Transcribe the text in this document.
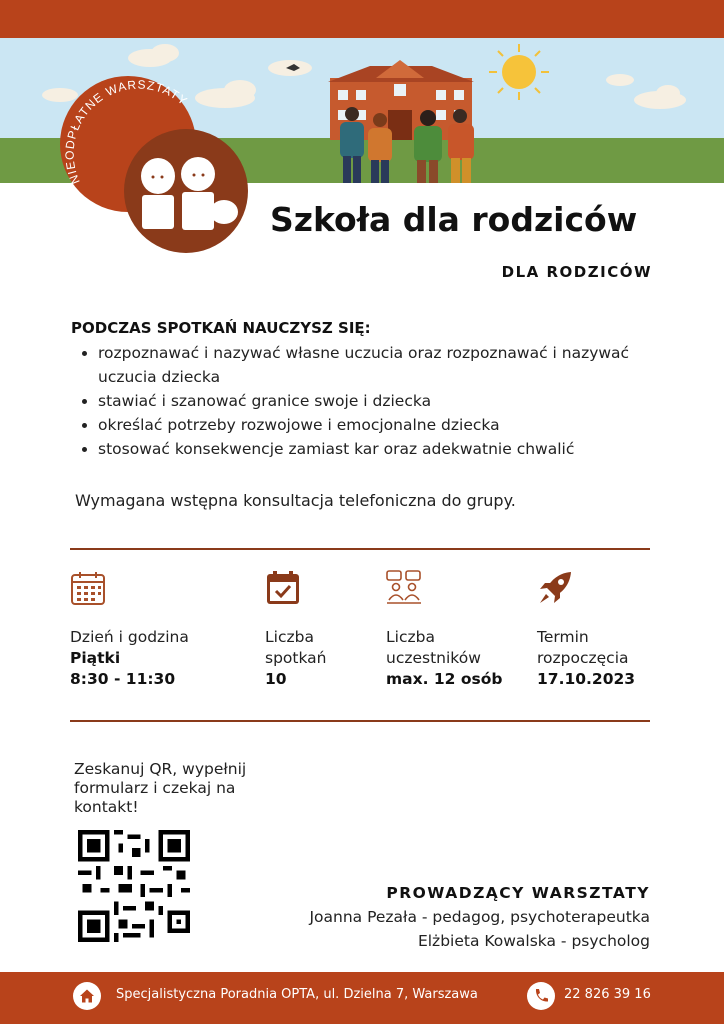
NIEODPŁATNE WARSZTATY
Szkoła dla rodziców
DLA RODZICÓW
PODCZAS SPOTKAŃ NAUCZYSZ SIĘ:
• rozpoznawać i nazywać własne uczucia oraz rozpoznawać i nazywać uczucia dziecka
• stawiać i szanować granice swoje i dziecka
• określać potrzeby rozwojowe i emocjonalne dziecka
• stosować konsekwencje zamiast kar oraz adekwatnie chwalić
Wymagana wstępna konsultacja telefoniczna do grupy.
Dzień i godzina
Piątki
8:30 - 11:30
Liczba
spotkań
10
Liczba
uczestników
max. 12 osób
Termin
rozpoczęcia
17.10.2023
Zeskanuj QR, wypełnij formularz i czekaj na kontakt!
PROWADZĄCY WARSZTATY
Joanna Pezała - pedagog, psychoterapeutka
Elżbieta Kowalska - psycholog
Specjalistyczna Poradnia OPTA, ul. Dzielna 7, Warszawa	22 826 39 16
